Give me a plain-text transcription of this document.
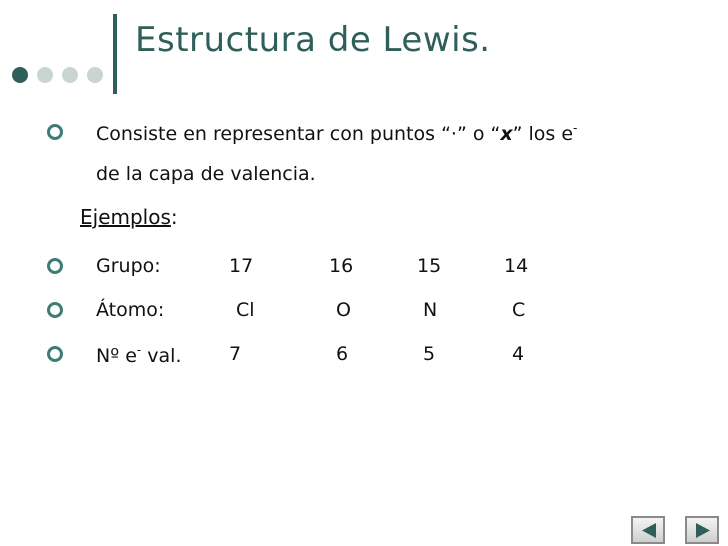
Estructura de Lewis.
Consiste en representar con puntos “·” o “x” los e-
de la capa de valencia.
Ejemplos:
Grupo:	17	16	15	14
Átomo:	Cl	O	N	C
Nº e- val.	7	6	5	4
